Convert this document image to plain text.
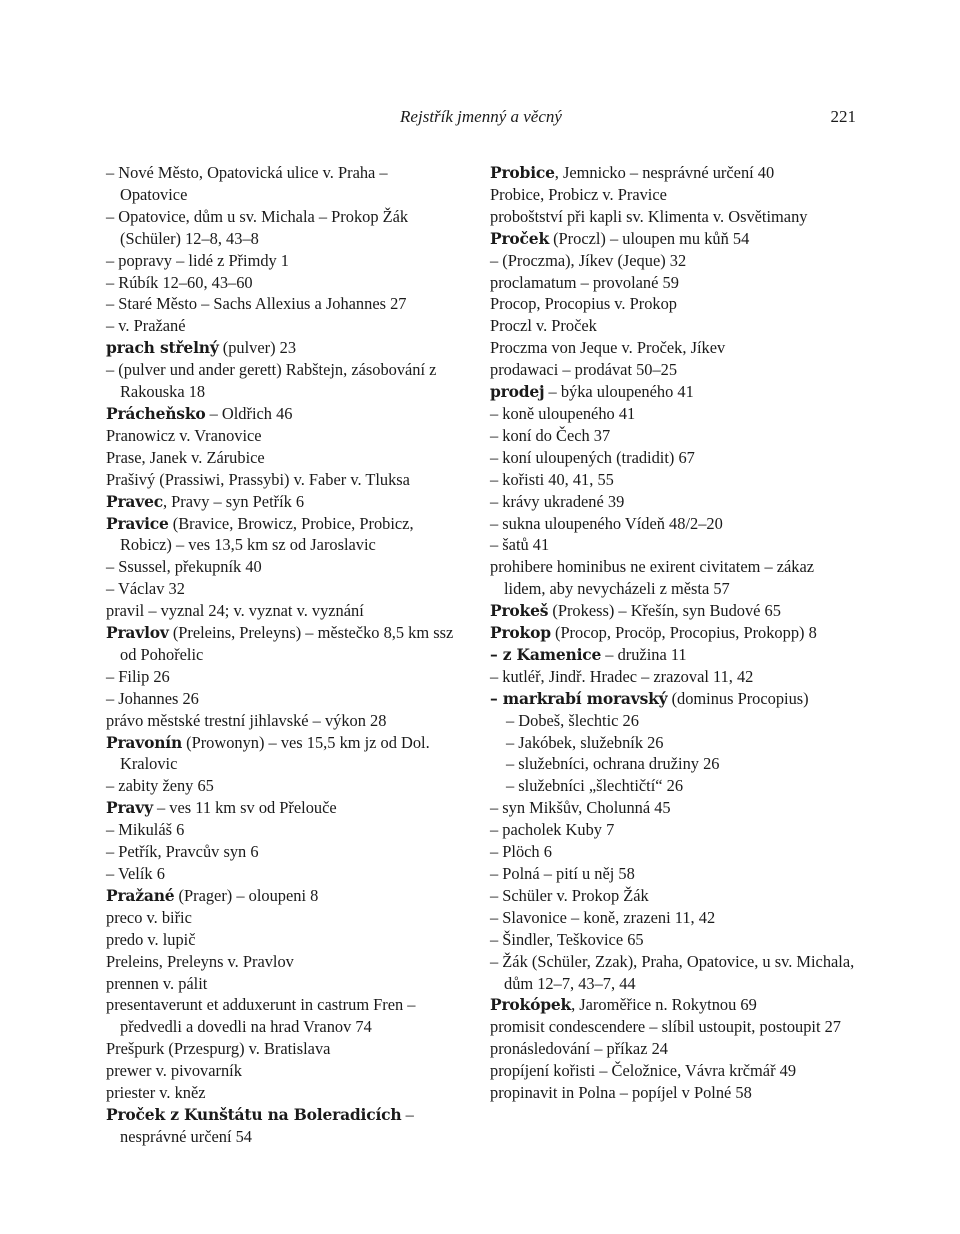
Rejstřík jmenný a věcný	221
– Nové Město, Opatovická ulice v. Praha – Opatovice
– Opatovice, dům u sv. Michala – Prokop Žák (Schüler) 12–8, 43–8
– popravy – lidé z Přimdy 1
– Rúbík 12–60, 43–60
– Staré Město – Sachs Allexius a Johannes 27
– v. Pražané
prach střelný (pulver) 23
– (pulver und ander gerett) Rabštejn, zásobování z Rakouska 18
Prácheňsko – Oldřich 46
Pranowicz v. Vranovice
Prase, Janek v. Zárubice
Prašivý (Prassiwi, Prassybi) v. Faber v. Tluksa
Pravec, Pravy – syn Petřík 6
Pravice (Bravice, Browicz, Probice, Probicz, Robicz) – ves 13,5 km sz od Jaroslavic
– Ssussel, překupník 40
– Václav 32
pravil – vyznal 24; v. vyznat v. vyznání
Pravlov (Preleins, Preleyns) – městečko 8,5 km ssz od Pohořelic
– Filip 26
– Johannes 26
právo městské trestní jihlavské – výkon 28
Pravonín (Prowonyn) – ves 15,5 km jz od Dol. Kralovic
– zabity ženy 65
Pravy – ves 11 km sv od Přelouče
– Mikuláš 6
– Petřík, Pravcův syn 6
– Velík 6
Pražané (Prager) – oloupeni 8
preco v. biřic
predo v. lupič
Preleins, Preleyns v. Pravlov
prennen v. pálit
presentaverunt et adduxerunt in castrum Fren – předvedli a dovedli na hrad Vranov 74
Prešpurk (Przespurg) v. Bratislava
prewer v. pivovarník
priester v. kněz
Proček z Kunštátu na Boleradicích – nesprávné určení 54
Probice, Jemnicko – nesprávné určení 40
Probice, Probicz v. Pravice
proboštství při kapli sv. Klimenta v. Osvětimany
Proček (Proczl) – uloupen mu kůň 54
– (Proczma), Jíkev (Jeque) 32
proclamatum – provolané 59
Procop, Procopius v. Prokop
Proczl v. Proček
Proczma von Jeque v. Proček, Jíkev
prodawaci – prodávat 50–25
prodej – býka uloupeného 41
– koně uloupeného 41
– koní do Čech 37
– koní uloupených (tradidit) 67
– kořisti 40, 41, 55
– krávy ukradené 39
– sukna uloupeného Vídeň 48/2–20
– šatů 41
prohibere hominibus ne exirent civitatem – zákaz lidem, aby nevycházeli z města 57
Prokeš (Prokess) – Křešín, syn Budové 65
Prokop (Procop, Procöp, Procopius, Prokopp) 8
– z Kamenice – družina 11
– kutléř, Jindř. Hradec – zrazoval 11, 42
– markrabí moravský (dominus Procopius)
– Dobeš, šlechtic 26
– Jakóbek, služebník 26
– služebníci, ochrana družiny 26
– služebníci „šlechtičtí“ 26
– syn Mikšův, Cholunná 45
– pacholek Kuby 7
– Plöch 6
– Polná – pití u něj 58
– Schüler v. Prokop Žák
– Slavonice – koně, zrazeni 11, 42
– Šindler, Teškovice 65
– Žák (Schüler, Zzak), Praha, Opatovice, u sv. Michala, dům 12–7, 43–7, 44
Prokópek, Jaroměřice n. Rokytnou 69
promisit condescendere – slíbil ustoupit, postoupit 27
pronásledování – příkaz 24
propíjení kořisti – Čeložnice, Vávra krčmář 49
propinavit in Polna – popíjel v Polné 58
